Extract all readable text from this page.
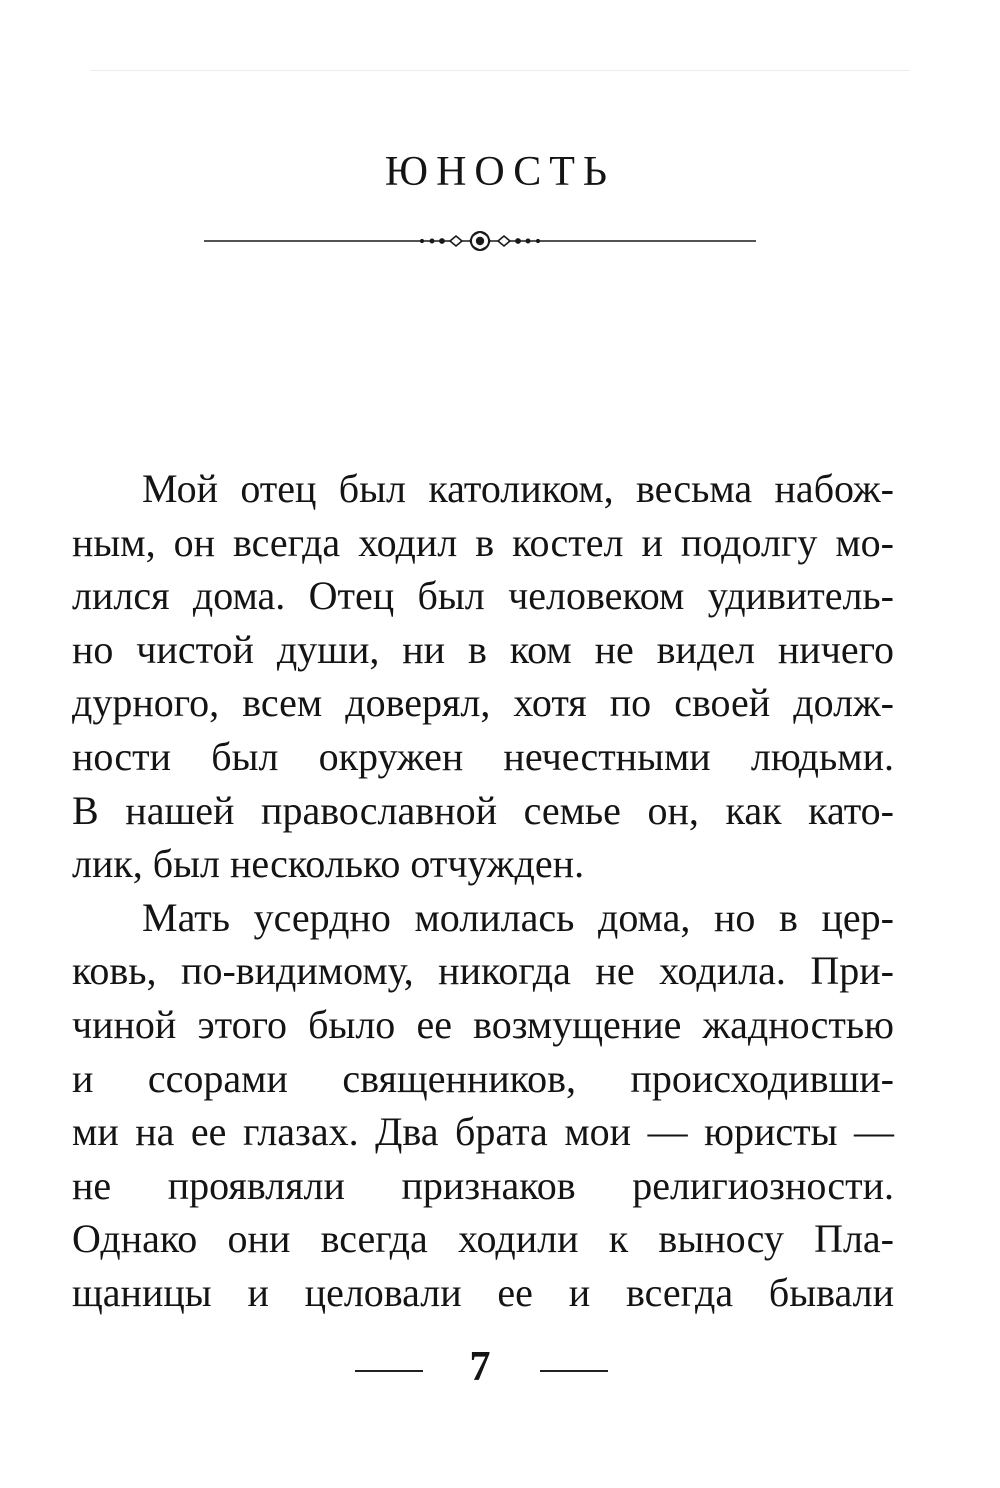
ЮНОСТЬ
Мой отец был католиком, весьма набож-
ным, он всегда ходил в костел и подолгу мо-
лился дома. Отец был человеком удивитель-
но чистой души, ни в ком не видел ничего
дурного, всем доверял, хотя по своей долж-
ности был окружен нечестными людьми.
В нашей православной семье он, как като-
лик, был несколько отчужден.
Мать усердно молилась дома, но в цер-
ковь, по-видимому, никогда не ходила. При-
чиной этого было ее возмущение жадностью
и ссорами священников, происходивши-
ми на ее глазах. Два брата мои — юристы —
не проявляли признаков религиозности.
Однако они всегда ходили к выносу Пла-
щаницы и целовали ее и всегда бывали
7
